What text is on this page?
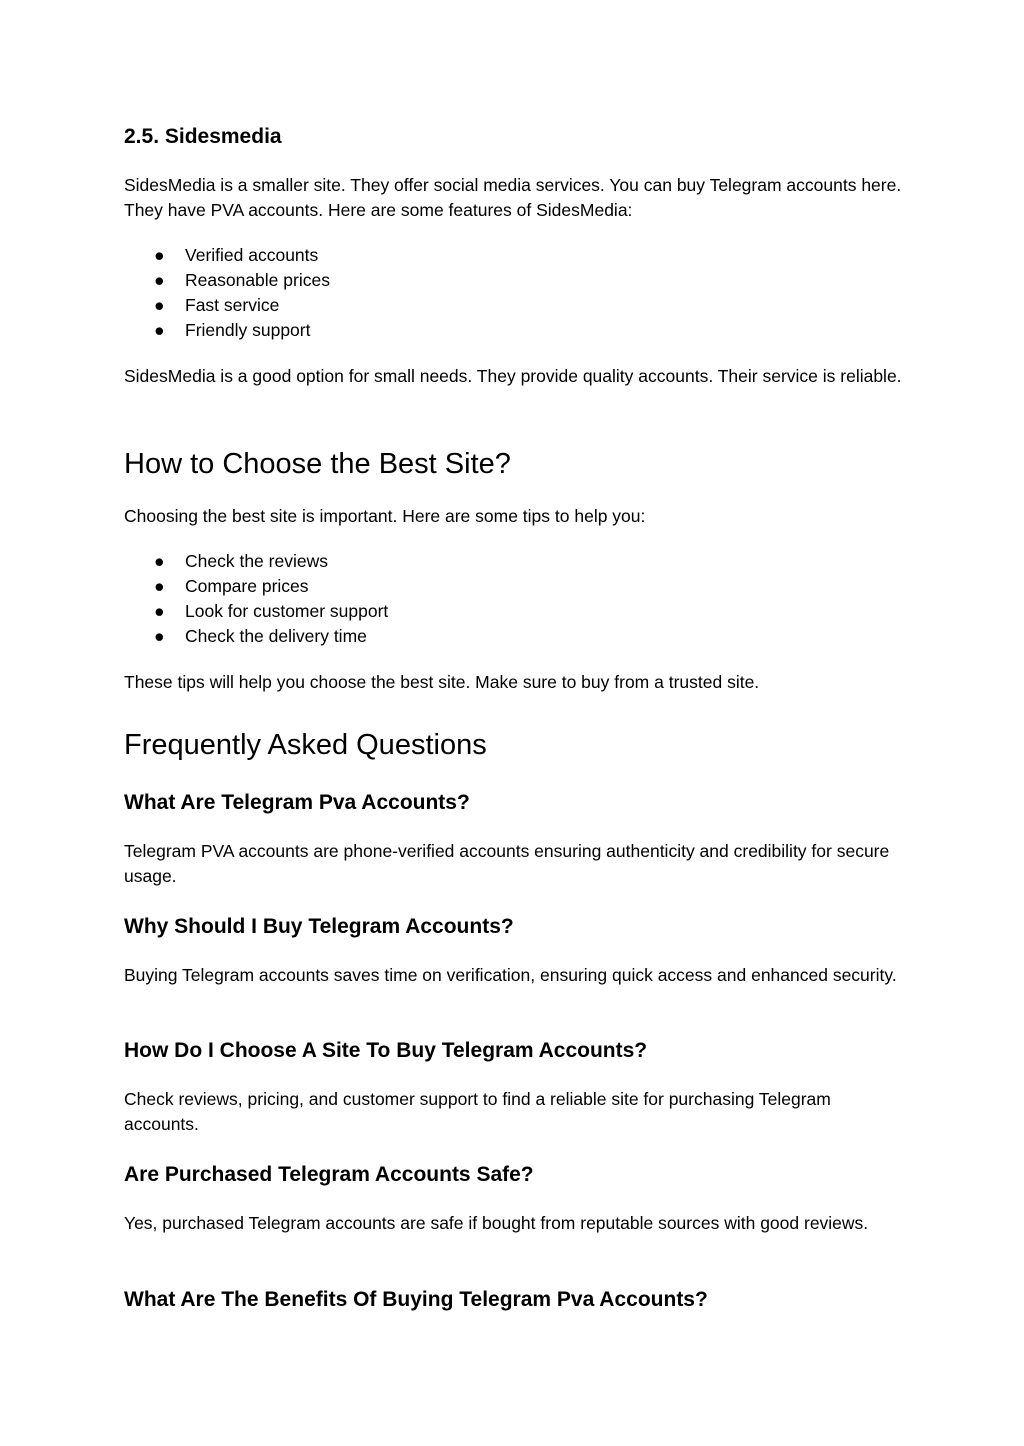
2.5. Sidesmedia

SidesMedia is a smaller site. They offer social media services. You can buy Telegram accounts here. They have PVA accounts. Here are some features of SidesMedia:

● Verified accounts
● Reasonable prices
● Fast service
● Friendly support

SidesMedia is a good option for small needs. They provide quality accounts. Their service is reliable.

How to Choose the Best Site?

Choosing the best site is important. Here are some tips to help you:

● Check the reviews
● Compare prices
● Look for customer support
● Check the delivery time

These tips will help you choose the best site. Make sure to buy from a trusted site.

Frequently Asked Questions
What Are Telegram Pva Accounts?

Telegram PVA accounts are phone-verified accounts ensuring authenticity and credibility for secure usage.

Why Should I Buy Telegram Accounts?

Buying Telegram accounts saves time on verification, ensuring quick access and enhanced security.

How Do I Choose A Site To Buy Telegram Accounts?

Check reviews, pricing, and customer support to find a reliable site for purchasing Telegram accounts.

Are Purchased Telegram Accounts Safe?

Yes, purchased Telegram accounts are safe if bought from reputable sources with good reviews.

What Are The Benefits Of Buying Telegram Pva Accounts?
